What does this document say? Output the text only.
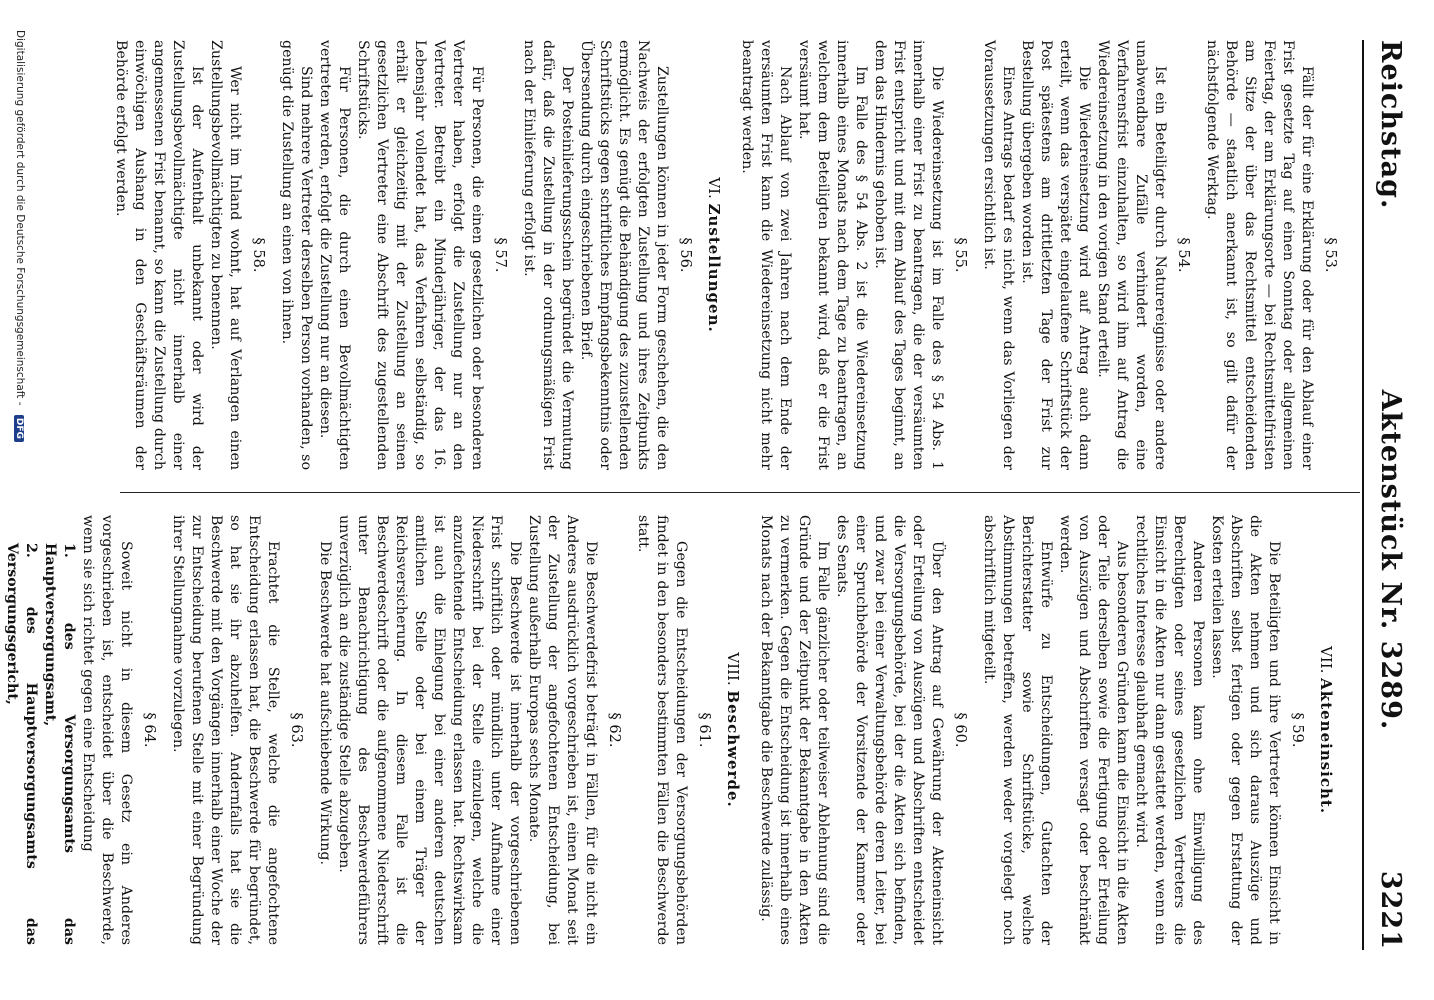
Reichstag.
Aktenstück Nr. 3289.
3221
§ 53.

Fällt der für eine Erklärung oder für den Ablauf einer Frist gesetzte Tag auf einen Sonntag oder allgemeinen Feiertag, der am Erklärungsorte — bei Rechtsmittelfristen am Sitze der über das Rechtsmittel entscheidenden Behörde — staatlich anerkannt ist, so gilt dafür der nächstfolgende Werktag.

§ 54.

Ist ein Beteiligter durch Naturereignisse oder andere unabwendbare Zufälle verhindert worden, eine Verfahrensfrist einzuhalten, so wird ihm auf Antrag die Wiedereinsetzung in den vorigen Stand erteilt.

Die Wiedereinsetzung wird auf Antrag auch dann erteilt, wenn das verspätet eingelaufene Schriftstück der Post spätestens am drittletzten Tage der Frist zur Bestellung übergeben worden ist.

Eines Antrags bedarf es nicht, wenn das Vorliegen der Voraussetzungen ersichtlich ist.

§ 55.

Die Wiedereinsetzung ist im Falle des § 54 Abs. 1 innerhalb einer Frist zu beantragen, die der versäumten Frist entspricht und mit dem Ablauf des Tages beginnt, an dem das Hindernis gehoben ist.

Im Falle des § 54 Abs. 2 ist die Wiedereinsetzung innerhalb eines Monats nach dem Tage zu beantragen, an welchem dem Beteiligten bekannt wird, daß er die Frist versäumt hat.

Nach Ablauf von zwei Jahren nach dem Ende der versäumten Frist kann die Wiedereinsetzung nicht mehr beantragt werden.

VI. Zustellungen.
§ 56.

Zustellungen können in jeder Form geschehen, die den Nachweis der erfolgten Zustellung und ihres Zeitpunkts ermöglicht. Es genügt die Behändigung des zuzustellenden Schriftstücks gegen schriftliches Empfangsbekenntnis oder Übersendung durch eingeschriebenen Brief.

Der Posteinlieferungsschein begründet die Vermutung dafür, daß die Zustellung in der ordnungsmäßigen Frist nach der Einlieferung erfolgt ist.

§ 57.

Für Personen, die einen gesetzlichen oder besonderen Vertreter haben, erfolgt die Zustellung nur an den Vertreter. Betreibt ein Minderjähriger, der das 16. Lebensjahr vollendet hat, das Verfahren selbständig, so erhält er gleichzeitig mit der Zustellung an seinen gesetzlichen Vertreter eine Abschrift des zugestellenden Schriftstücks.

Für Personen, die durch einen Bevollmächtigten vertreten werden, erfolgt die Zustellung nur an diesen.

Sind mehrere Vertreter derselben Person vorhanden, so genügt die Zustellung an einen von ihnen.

§ 58.

Wer nicht im Inland wohnt, hat auf Verlangen einen Zustellungsbevollmächtigten zu benennen.

Ist der Aufenthalt unbekannt oder wird der Zustellungsbevollmächtigte nicht innerhalb einer angemessenen Frist benannt, so kann die Zustellung durch einwöchigen Aushang in den Geschäftsräumen der Behörde erfolgt werden.

VII. Akteneinsicht.
§ 59.

Die Beteiligten und ihre Vertreter können Einsicht in die Akten nehmen und sich daraus Auszüge und Abschriften selbst fertigen oder gegen Erstattung der Kosten erteilen lassen.

Anderen Personen kann ohne Einwilligung des Berechtigten oder seines gesetzlichen Vertreters die Einsicht in die Akten nur dann gestattet werden, wenn ein rechtliches Interesse glaubhaft gemacht wird.

Aus besonderen Gründen kann die Einsicht in die Akten oder Teile derselben sowie die Fertigung oder Erteilung von Auszügen und Abschriften versagt oder beschränkt werden.

Entwürfe zu Entscheidungen, Gutachten der Berichterstatter sowie Schriftstücke, welche Abstimmungen betreffen, werden weder vorgelegt noch abschriftlich mitgeteilt.

§ 60.

Über den Antrag auf Gewährung der Akteneinsicht oder Erteilung von Auszügen und Abschriften entscheidet die Versorgungsbehörde, bei der die Akten sich befinden, und zwar bei einer Verwaltungsbehörde deren Leiter, bei einer Spruchbehörde der Vorsitzende der Kammer oder des Senats.

Im Falle gänzlicher oder teilweiser Ablehnung sind die Gründe und der Zeitpunkt der Bekanntgabe in den Akten zu vermerken. Gegen die Entscheidung ist innerhalb eines Monats nach der Bekanntgabe die Beschwerde zulässig.

VIII. Beschwerde.
§ 61.

Gegen die Entscheidungen der Versorgungsbehörden findet in den besonders bestimmten Fällen die Beschwerde statt.

§ 62.

Die Beschwerdefrist beträgt in Fällen, für die nicht ein Anderes ausdrücklich vorgeschrieben ist, einen Monat seit der Zustellung der angefochtenen Entscheidung, bei Zustellung außerhalb Europas sechs Monate.

Die Beschwerde ist innerhalb der vorgeschriebenen Frist schriftlich oder mündlich unter Aufnahme einer Niederschrift bei der Stelle einzulegen, welche die anzufechtende Entscheidung erlassen hat. Rechtswirksam ist auch die Einlegung bei einer anderen deutschen amtlichen Stelle oder bei einem Träger der Reichsversicherung. In diesem Falle ist die Beschwerdeschrift oder die aufgenommene Niederschrift unter Benachrichtigung des Beschwerdeführers unverzüglich an die zuständige Stelle abzugeben.

Die Beschwerde hat aufschiebende Wirkung.

§ 63.

Erachtet die Stelle, welche die angefochtene Entscheidung erlassen hat, die Beschwerde für begründet, so hat sie ihr abzuhelfen. Andernfalls hat sie die Beschwerde mit den Vorgängen innerhalb einer Woche der zur Entscheidung berufenen Stelle mit einer Begründung ihrer Stellungnahme vorzulegen.

§ 64.

Soweit nicht in diesem Gesetz ein Anderes vorgeschrieben ist, entscheidet über die Beschwerde, wenn sie sich richtet gegen eine Entscheidung

1. des Versorgungsamts das Hauptversorgungsamt,
2. des Hauptversorgungsamts das Versorgungsgericht,
Digitalisierung gefördert durch die Deutsche Forschungsgemeinschaft - DFG
